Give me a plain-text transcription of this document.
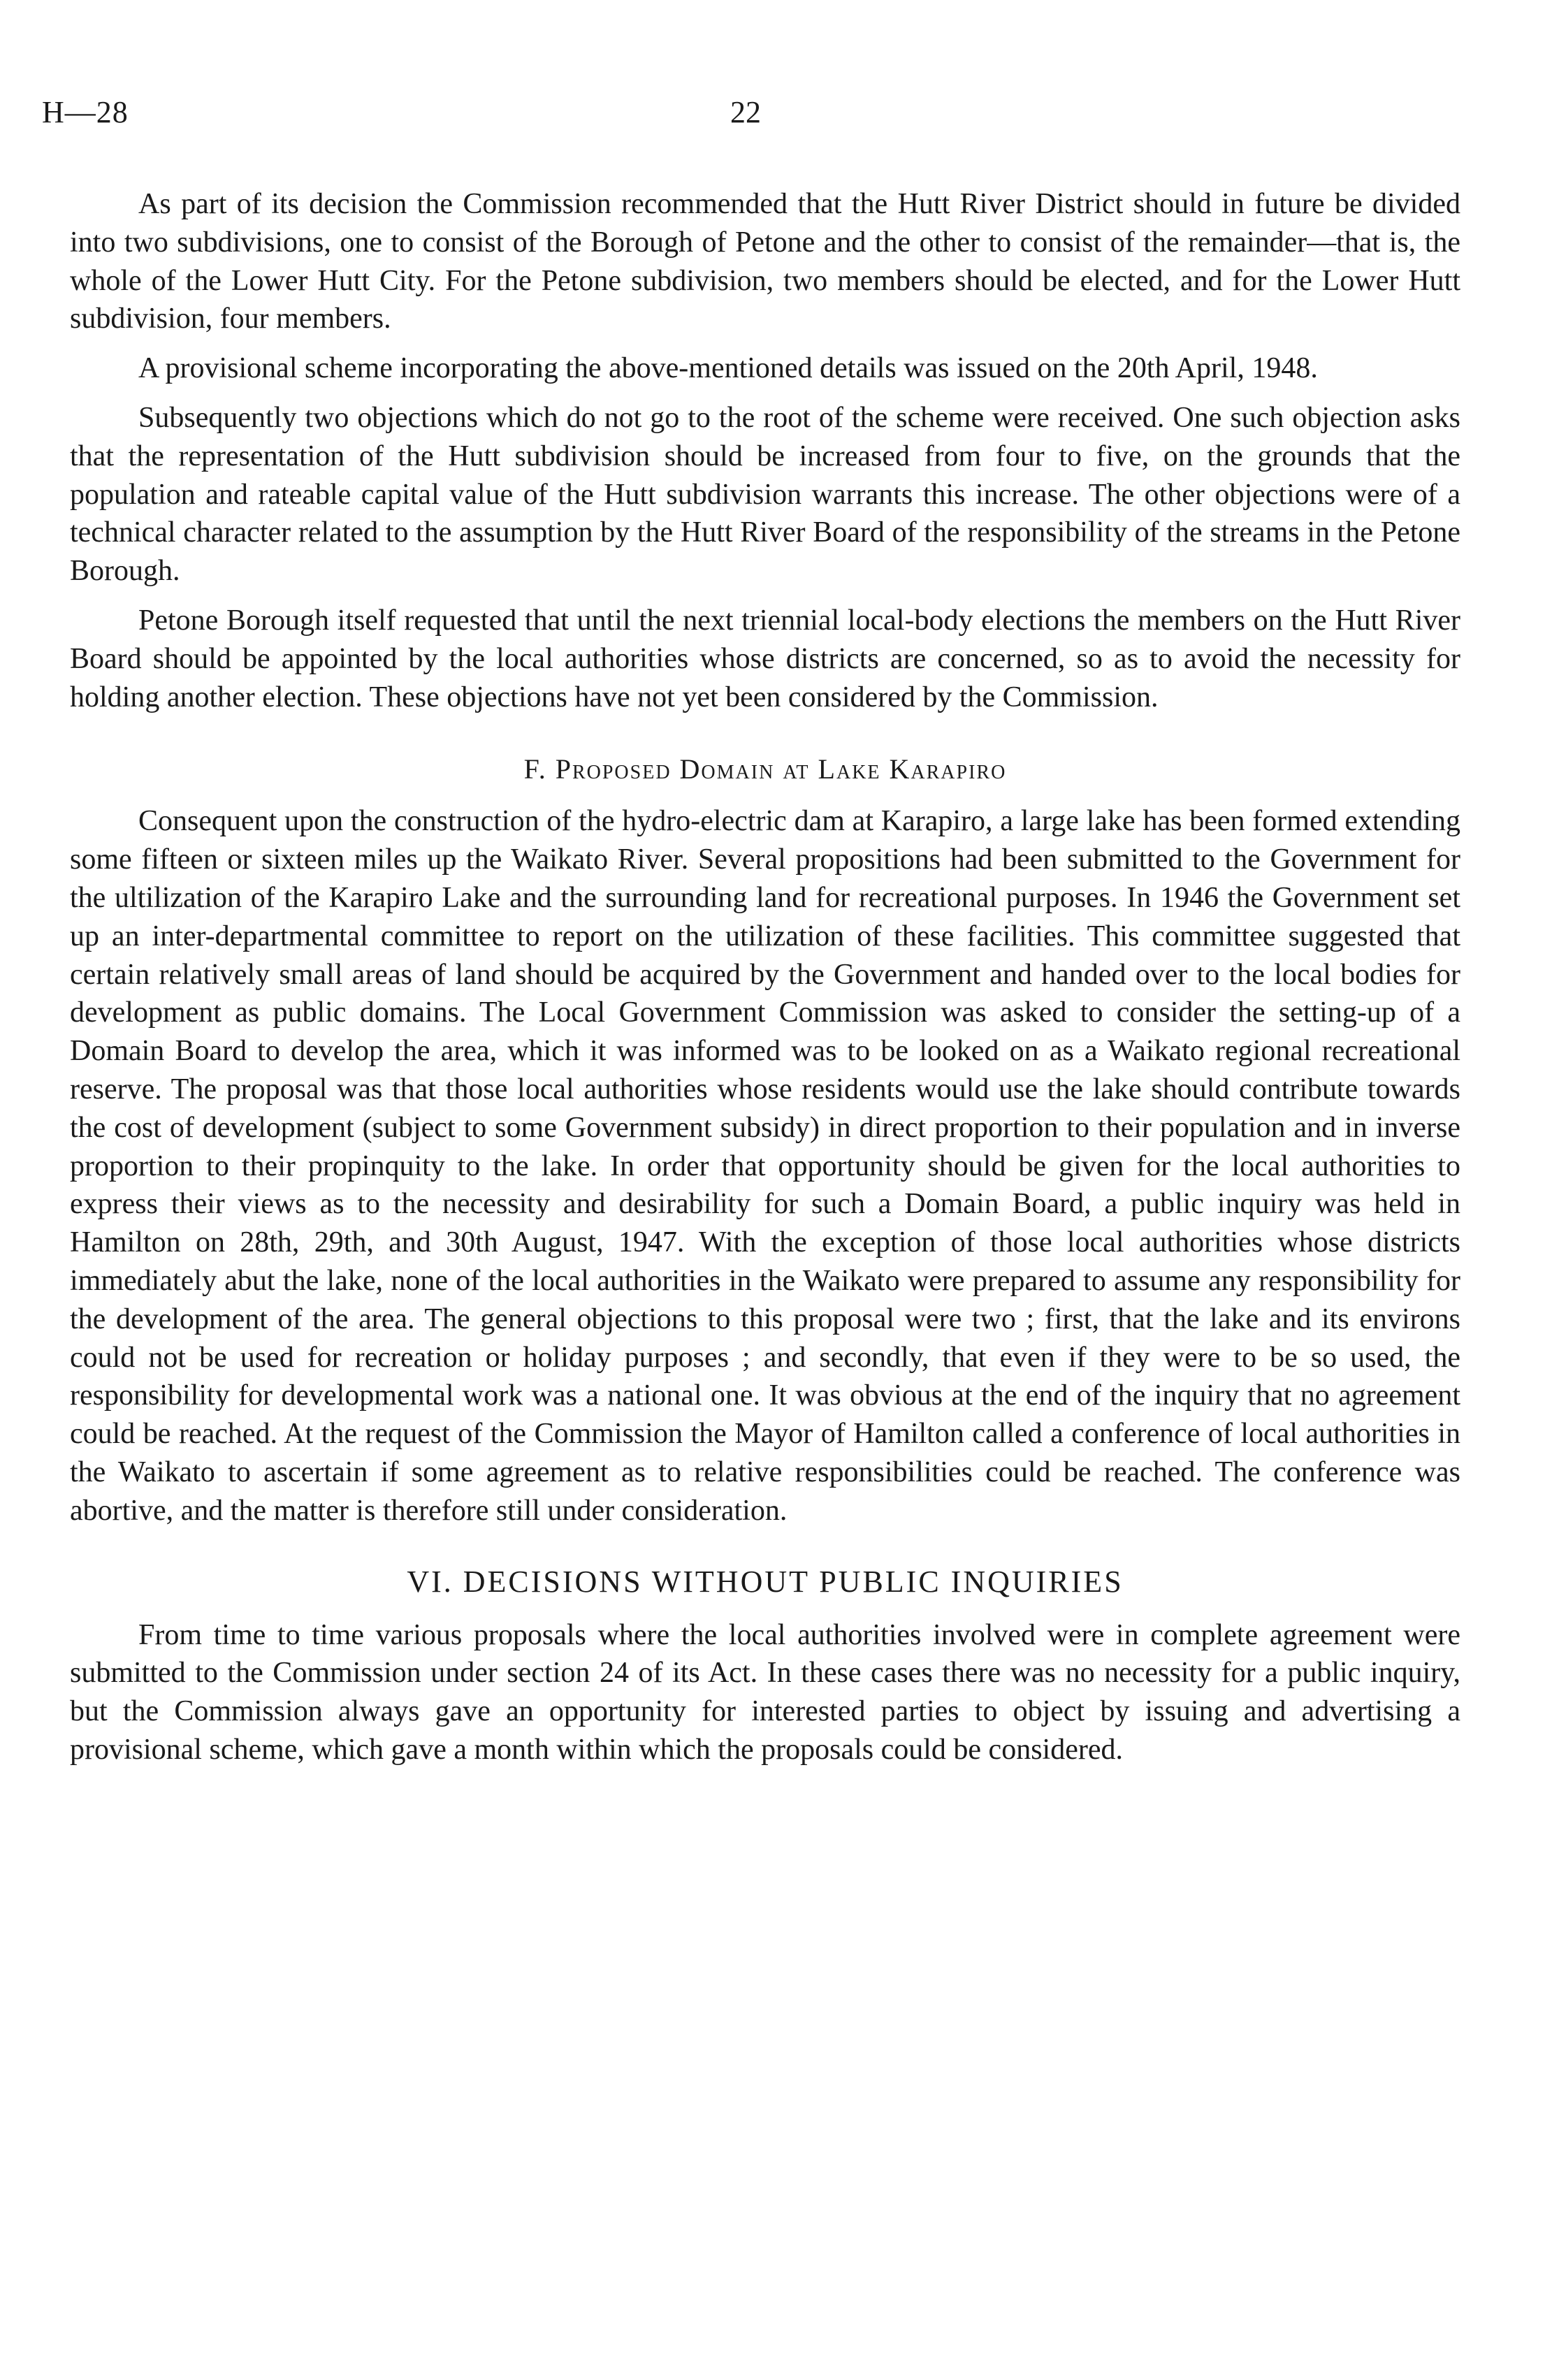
H—28	22

As part of its decision the Commission recommended that the Hutt River District should in future be divided into two subdivisions, one to consist of the Borough of Petone and the other to consist of the remainder—that is, the whole of the Lower Hutt City. For the Petone subdivision, two members should be elected, and for the Lower Hutt subdivision, four members.

A provisional scheme incorporating the above-mentioned details was issued on the 20th April, 1948.

Subsequently two objections which do not go to the root of the scheme were received. One such objection asks that the representation of the Hutt subdivision should be increased from four to five, on the grounds that the population and rateable capital value of the Hutt subdivision warrants this increase. The other objections were of a technical character related to the assumption by the Hutt River Board of the responsibility of the streams in the Petone Borough.

Petone Borough itself requested that until the next triennial local-body elections the members on the Hutt River Board should be appointed by the local authorities whose districts are concerned, so as to avoid the necessity for holding another election. These objections have not yet been considered by the Commission.

F. Proposed Domain at Lake Karapiro

Consequent upon the construction of the hydro-electric dam at Karapiro, a large lake has been formed extending some fifteen or sixteen miles up the Waikato River. Several propositions had been submitted to the Government for the ultilization of the Karapiro Lake and the surrounding land for recreational purposes. In 1946 the Government set up an inter-departmental committee to report on the utilization of these facilities. This committee suggested that certain relatively small areas of land should be acquired by the Government and handed over to the local bodies for development as public domains. The Local Government Commission was asked to consider the setting-up of a Domain Board to develop the area, which it was informed was to be looked on as a Waikato regional recreational reserve. The proposal was that those local authorities whose residents would use the lake should contribute towards the cost of development (subject to some Government subsidy) in direct proportion to their population and in inverse proportion to their propinquity to the lake. In order that opportunity should be given for the local authorities to express their views as to the necessity and desirability for such a Domain Board, a public inquiry was held in Hamilton on 28th, 29th, and 30th August, 1947. With the exception of those local authorities whose districts immediately abut the lake, none of the local authorities in the Waikato were prepared to assume any responsibility for the development of the area. The general objections to this proposal were two ; first, that the lake and its environs could not be used for recreation or holiday purposes ; and secondly, that even if they were to be so used, the responsibility for developmental work was a national one. It was obvious at the end of the inquiry that no agreement could be reached. At the request of the Commission the Mayor of Hamilton called a conference of local authorities in the Waikato to ascertain if some agreement as to relative responsibilities could be reached. The conference was abortive, and the matter is therefore still under consideration.

VI. DECISIONS WITHOUT PUBLIC INQUIRIES

From time to time various proposals where the local authorities involved were in complete agreement were submitted to the Commission under section 24 of its Act. In these cases there was no necessity for a public inquiry, but the Commission always gave an opportunity for interested parties to object by issuing and advertising a provisional scheme, which gave a month within which the proposals could be considered.
